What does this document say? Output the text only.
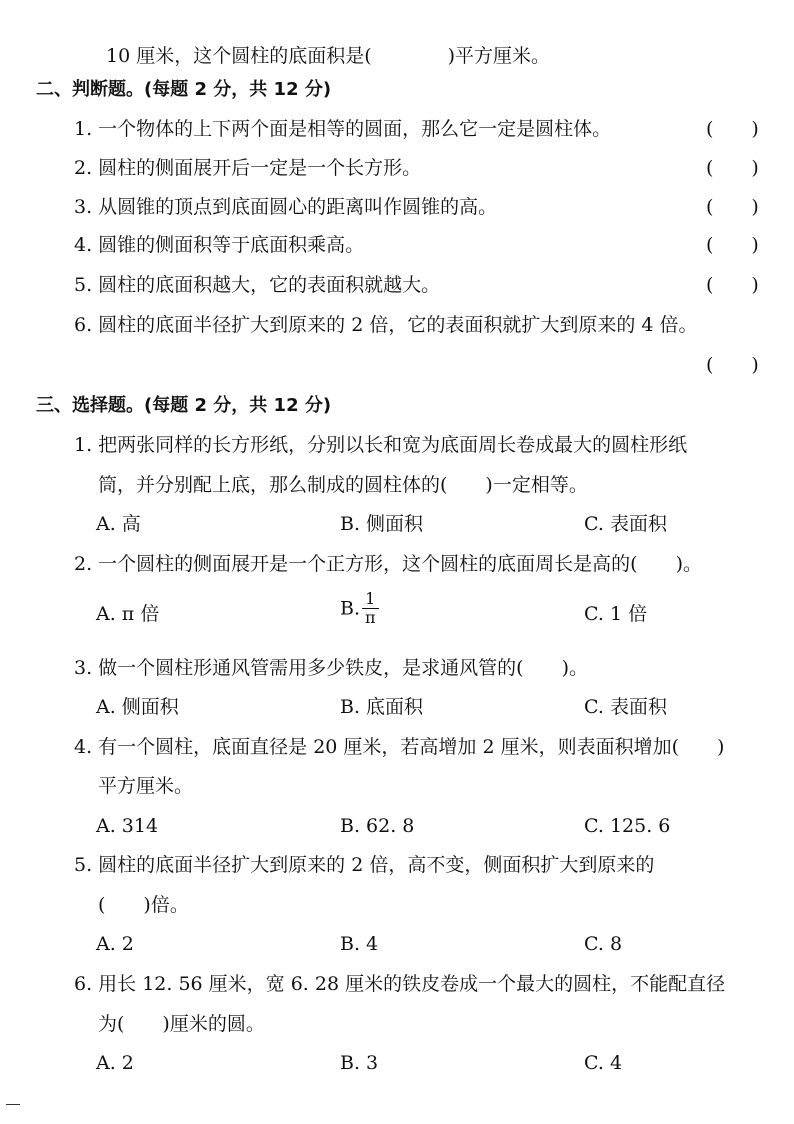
10 厘米，这个圆柱的底面积是(　　　　)平方厘米。
二、判断题。(每题 2 分，共 12 分)
1. 一个物体的上下两个面是相等的圆面，那么它一定是圆柱体。	(　　)
2. 圆柱的侧面展开后一定是一个长方形。	(　　)
3. 从圆锥的顶点到底面圆心的距离叫作圆锥的高。	(　　)
4. 圆锥的侧面积等于底面积乘高。	(　　)
5. 圆柱的底面积越大，它的表面积就越大。	(　　)
6. 圆柱的底面半径扩大到原来的 2 倍，它的表面积就扩大到原来的 4 倍。
(　　)
三、选择题。(每题 2 分，共 12 分)
1. 把两张同样的长方形纸，分别以长和宽为底面周长卷成最大的圆柱形纸
筒，并分别配上底，那么制成的圆柱体的(　　)一定相等。
A. 高	B. 侧面积	C. 表面积
2. 一个圆柱的侧面展开是一个正方形，这个圆柱的底面周长是高的(　　)。
A. π 倍	B. $\frac{1}{\pi}$	C. 1 倍
3. 做一个圆柱形通风管需用多少铁皮，是求通风管的(　　)。
A. 侧面积	B. 底面积	C. 表面积
4. 有一个圆柱，底面直径是 20 厘米，若高增加 2 厘米，则表面积增加(　　)
平方厘米。
A. 314	B. 62. 8	C. 125. 6
5. 圆柱的底面半径扩大到原来的 2 倍，高不变，侧面积扩大到原来的
(　　)倍。
A. 2	B. 4	C. 8
6. 用长 12. 56 厘米，宽 6. 28 厘米的铁皮卷成一个最大的圆柱，不能配直径
为(　　)厘米的圆。
A. 2	B. 3	C. 4
